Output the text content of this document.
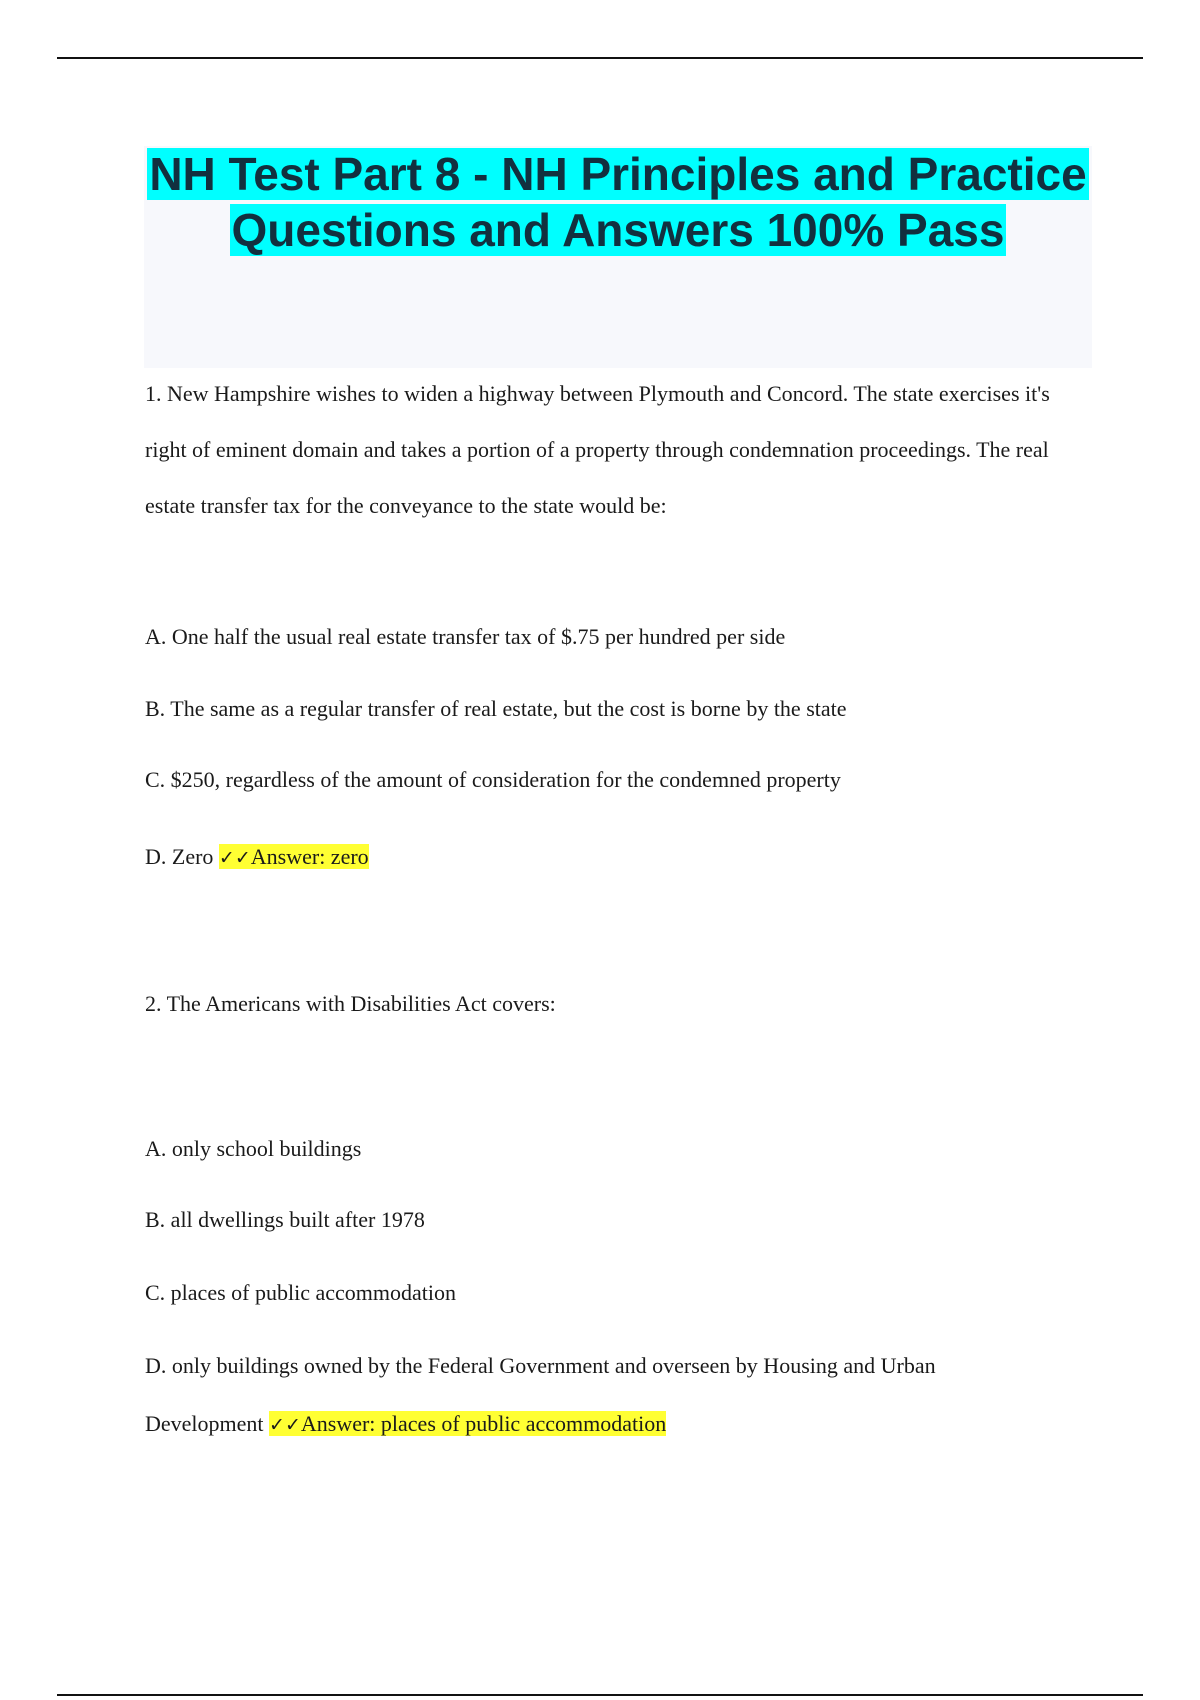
NH Test Part 8 - NH Principles and Practice Questions and Answers 100% Pass

1. New Hampshire wishes to widen a highway between Plymouth and Concord. The state exercises it's right of eminent domain and takes a portion of a property through condemnation proceedings. The real estate transfer tax for the conveyance to the state would be:

A. One half the usual real estate transfer tax of $.75 per hundred per side

B. The same as a regular transfer of real estate, but the cost is borne by the state

C. $250, regardless of the amount of consideration for the condemned property

D. Zero ✓✓Answer: zero

2. The Americans with Disabilities Act covers:

A. only school buildings

B. all dwellings built after 1978

C. places of public accommodation

D. only buildings owned by the Federal Government and overseen by Housing and Urban

Development ✓✓Answer: places of public accommodation
